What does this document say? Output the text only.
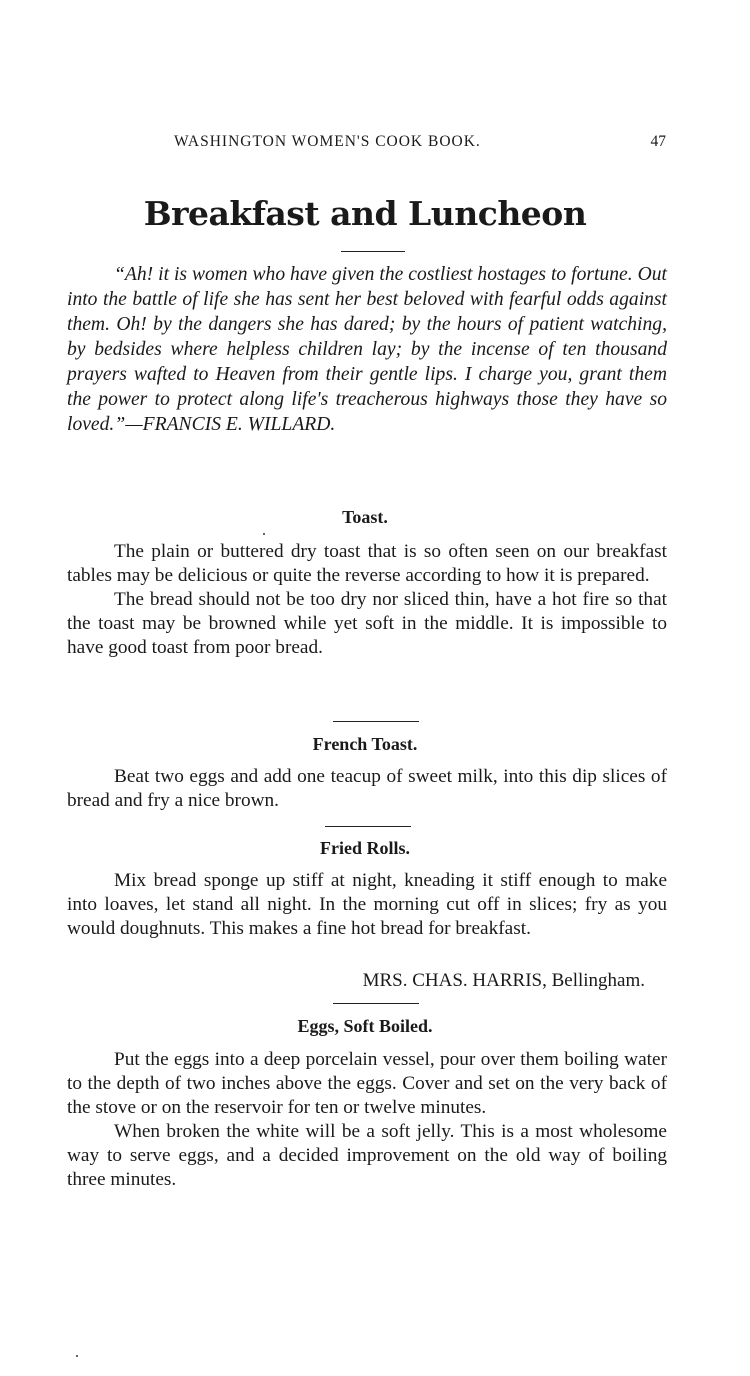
WASHINGTON WOMEN'S COOK BOOK.	47
Breakfast and Luncheon

“Ah! it is women who have given the costliest hostages to fortune. Out into the battle of life she has sent her best beloved with fearful odds against them. Oh! by the dangers she has dared; by the hours of patient watching, by bedsides where helpless children lay; by the incense of ten thousand prayers wafted to Heaven from their gentle lips. I charge you, grant them the power to protect along life's treacherous highways those they have so loved.”—FRANCIS E. WILLARD.

Toast.

The plain or buttered dry toast that is so often seen on our breakfast tables may be delicious or quite the reverse according to how it is prepared.

The bread should not be too dry nor sliced thin, have a hot fire so that the toast may be browned while yet soft in the middle. It is impossible to have good toast from poor bread.

French Toast.

Beat two eggs and add one teacup of sweet milk, into this dip slices of bread and fry a nice brown.

Fried Rolls.

Mix bread sponge up stiff at night, kneading it stiff enough to make into loaves, let stand all night. In the morning cut off in slices; fry as you would doughnuts. This makes a fine hot bread for breakfast.

MRS. CHAS. HARRIS, Bellingham.
Eggs, Soft Boiled.

Put the eggs into a deep porcelain vessel, pour over them boiling water to the depth of two inches above the eggs. Cover and set on the very back of the stove or on the reservoir for ten or twelve minutes.

When broken the white will be a soft jelly. This is a most wholesome way to serve eggs, and a decided improvement on the old way of boiling three minutes.
